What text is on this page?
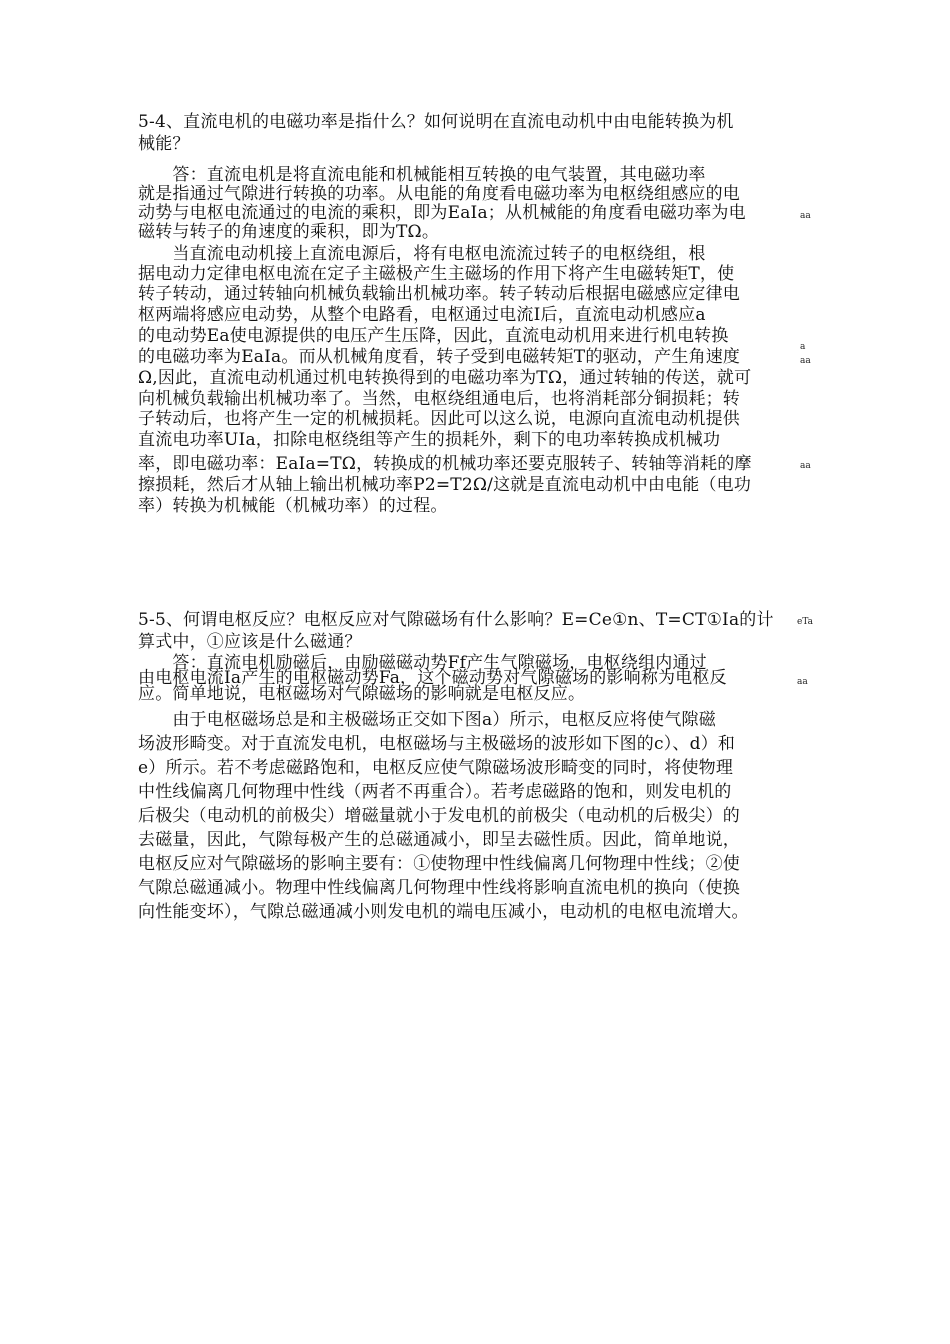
5-4、直流电机的电磁功率是指什么？如何说明在直流电动机中由电能转换为机
械能？
　　答：直流电机是将直流电能和机械能相互转换的电气装置，其电磁功率
就是指通过气隙进行转换的功率。从电能的角度看电磁功率为电枢绕组感应的电
动势与电枢电流通过的电流的乘积，即为EaIa；从机械能的角度看电磁功率为电	aa
磁转与转子的角速度的乘积，即为TΩ。
　　当直流电动机接上直流电源后，将有电枢电流流过转子的电枢绕组，根
据电动力定律电枢电流在定子主磁极产生主磁场的作用下将产生电磁转矩T，使
转子转动，通过转轴向机械负载输出机械功率。转子转动后根据电磁感应定律电
枢两端将感应电动势，从整个电路看，电枢通过电流I后，直流电动机感应a
的电动势Ea使电源提供的电压产生压降，因此，直流电动机用来进行机电转换
a
的电磁功率为EaIa。而从机械角度看，转子受到电磁转矩T的驱动，产生角速度	aa
Ω,因此，直流电动机通过机电转换得到的电磁功率为TΩ，通过转轴的传送，就可
向机械负载输出机械功率了。当然，电枢绕组通电后，也将消耗部分铜损耗；转
子转动后，也将产生一定的机械损耗。因此可以这么说，电源向直流电动机提供
直流电功率UIa，扣除电枢绕组等产生的损耗外，剩下的电功率转换成机械功
率，即电磁功率：EaIa=TΩ，转换成的机械功率还要克服转子、转轴等消耗的摩	aa
擦损耗，然后才从轴上输出机械功率P2=T2Ω/这就是直流电动机中由电能（电功
率）转换为机械能（机械功率）的过程。
5-5、何谓电枢反应？电枢反应对气隙磁场有什么影响？E=Ce①n、T=CT①Ia的计	eTa
算式中，①应该是什么磁通？
　　答：直流电机励磁后，由励磁磁动势Ff产生气隙磁场，电枢绕组内通过
由电枢电流Ia产生的电枢磁动势Fa，这个磁动势对气隙磁场的影响称为电枢反	aa
应。简单地说，电枢磁场对气隙磁场的影响就是电枢反应。
　　由于电枢磁场总是和主极磁场正交如下图a）所示，电枢反应将使气隙磁
场波形畸变。对于直流发电机，电枢磁场与主极磁场的波形如下图的c）、d）和
e）所示。若不考虑磁路饱和，电枢反应使气隙磁场波形畸变的同时，将使物理
中性线偏离几何物理中性线（两者不再重合）。若考虑磁路的饱和，则发电机的
后极尖（电动机的前极尖）增磁量就小于发电机的前极尖（电动机的后极尖）的
去磁量，因此，气隙每极产生的总磁通减小，即呈去磁性质。因此，简单地说，
电枢反应对气隙磁场的影响主要有：①使物理中性线偏离几何物理中性线；②使
气隙总磁通减小。物理中性线偏离几何物理中性线将影响直流电机的换向（使换
向性能变坏），气隙总磁通减小则发电机的端电压减小，电动机的电枢电流增大。
